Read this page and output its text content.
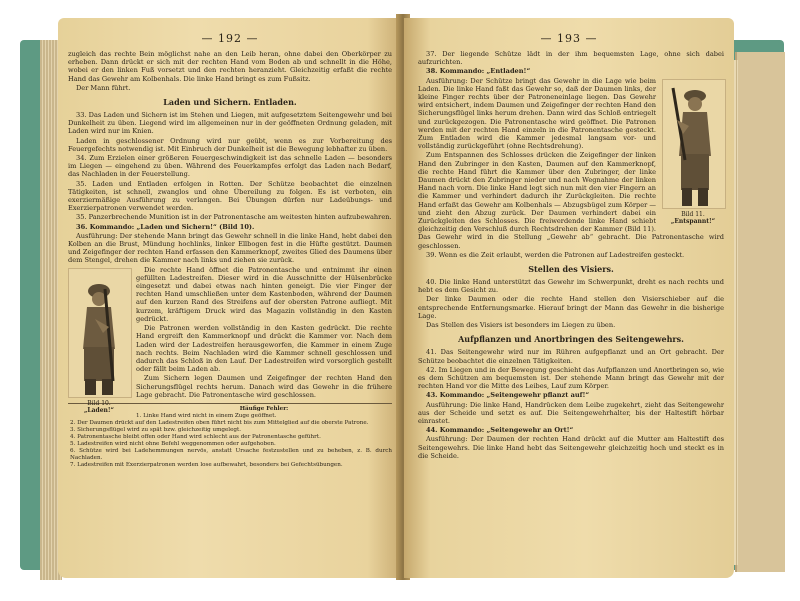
— 192 —

zugleich das rechte Bein möglichst nahe an den Leib heran, ohne dabei den Oberkörper zu erheben. Dann drückt er sich mit der rechten Hand vom Boden ab und schnellt in die Höhe, wobei er den linken Fuß vorsetzt und den rechten heranzieht. Gleichzeitig erfaßt die rechte Hand das Gewehr am Kolbenhals. Die linke Hand bringt es zum Fußsitz.

Der Mann führt.

Laden und Sichern. Entladen.

33. Das Laden und Sichern ist im Stehen und Liegen, mit aufgesetztem Seitengewehr und bei Dunkelheit zu üben. Liegend wird im allgemeinen nur in der geöffneten Ordnung geladen, mit Laden wird nur im Knien.

Laden in geschlossener Ordnung wird nur geübt, wenn es zur Vorbereitung des Feuergefechts notwendig ist. Mit Einbruch der Dunkelheit ist die Bewegung lebhafter zu üben.

34. Zum Erzielen einer größeren Feuergeschwindigkeit ist das schnelle Laden — besonders im Liegen — eingehend zu üben. Während des Feuerkampfes erfolgt das Laden nach Bedarf, das Nachladen in der Feuerstellung.

35. Laden und Entladen erfolgen in Rotten. Der Schütze beobachtet die einzelnen Tätigkeiten, ist schnell, zwanglos und ohne Übereilung zu folgen. Es ist verboten, ein exerziermäßige Ausführung zu verlangen. Bei Übungen dürfen nur Ladeübungs- und Exerzierpatronen verwendet werden.

35. Panzerbrechende Munition ist in der Patronentasche am weitesten hinten aufzubewahren.

36. Kommando: „Laden und Sichern!“ (Bild 10).

Ausführung: Der stehende Mann bringt das Gewehr schnell in die linke Hand, hebt dabei den Kolben an die Brust, Mündung hochlinks, linker Ellbogen fest in die Hüfte gestützt. Daumen und Zeigefinger der rechten Hand erfassen den Kammerknopf, zweites Glied des Daumens über dem Stengel, drehen die Kammer nach links und ziehen sie zurück.

Bild 10.
„Laden!“

Die rechte Hand öffnet die Patronentasche und entnimmt ihr einen gefüllten Ladestreifen. Dieser wird in die Ausschnitte der Hülsenbrücke eingesetzt und dabei etwas nach hinten geneigt. Die vier Finger der rechten Hand umschließen unter dem Kastenboden, während der Daumen auf den kurzen Rand des Streifens auf der obersten Patrone aufliegt. Mit kurzem, kräftigem Druck wird das Magazin vollständig in den Kasten gedrückt.

Die Patronen werden vollständig in den Kasten gedrückt. Die rechte Hand ergreift den Kammerknopf und drückt die Kammer vor. Nach dem Laden wird der Ladestreifen herausgeworfen, die Kammer in einem Zuge nach rechts. Beim Nachladen wird die Kammer schnell geschlossen und dadurch das Schloß in den Lauf. Der Ladestreifen wird vorsorglich gestellt oder fällt beim Laden ab.

Zum Sichern legen Daumen und Zeigefinger der rechten Hand den Sicherungsflügel rechts herum. Danach wird das Gewehr in die frühere Lage gebracht. Die Patronentasche wird geschlossen.

Häufige Fehler:
1. Linke Hand wird nicht in einem Zuge geöffnet.
2. Der Daumen drückt auf den Ladestreifen oben führt nicht bis zum Mittelglied auf die oberste Patrone.
3. Sicherungsflügel wird zu spät bzw. gleichzeitig umgelegt.
4. Patronentasche bleibt offen oder Hand wird schlecht aus der Patronentasche geführt.
5. Ladestreifen wird nicht ohne Befehl weggenommen oder aufgehoben.
6. Schütze wird bei Ladehemmungen nervös, anstatt Ursache festzustellen und zu beheben, z. B. durch Nachladen.
7. Ladestreifen mit Exerzierpatronen werden lose aufbewahrt, besonders bei Gefechtsübungen.
— 193 —

37. Der liegende Schütze lädt in der ihm bequemsten Lage, ohne sich dabei aufzurichten.

38. Kommando: „Entladen!“

Bild 11.
„Entspannt!“

Ausführung: Der Schütze bringt das Gewehr in die Lage wie beim Laden. Die linke Hand faßt das Gewehr so, daß der Daumen links, der kleine Finger rechts über der Patroneneinlage liegen. Das Gewehr wird entsichert, indem Daumen und Zeigefinger der rechten Hand den Sicherungsflügel links herum drehen. Dann wird das Schloß entriegelt und zurückgezogen. Die Patronentasche wird geöffnet. Die Patronen werden mit der rechten Hand einzeln in die Patronentasche gesteckt. Zum Entladen wird die Kammer jedesmal langsam vor- und vollständig zurückgeführt (ohne Rechtsdrehung).

Zum Entspannen des Schlosses drücken die Zeigefinger der linken Hand den Zubringer in den Kasten, Daumen auf den Kammerknopf, die rechte Hand führt die Kammer über den Zubringer, der linke Daumen drückt den Zubringer nieder und nach Wegnahme der linken Hand nach vorn. Die linke Hand legt sich nun mit den vier Fingern an die Kammer und verhindert dadurch ihr Zurückgleiten. Die rechte Hand erfaßt das Gewehr am Kolbenhals — Abzugsbügel zum Körper — und zieht den Abzug zurück. Der Daumen verhindert dabei ein Zurückgleiten des Schlosses. Die freiwerdende linke Hand schiebt gleichzeitig den Verschluß durch Rechtsdrehen der Kammer (Bild 11). Das Gewehr wird in die Stellung „Gewehr ab“ gebracht. Die Patronentasche wird geschlossen.

39. Wenn es die Zeit erlaubt, werden die Patronen auf Ladestreifen gesteckt.

Stellen des Visiers.

40. Die linke Hand unterstützt das Gewehr im Schwerpunkt, dreht es nach rechts und hebt es dem Gesicht zu.

Der linke Daumen oder die rechte Hand stellen den Visierschieber auf die entsprechende Entfernungsmarke. Hierauf bringt der Mann das Gewehr in die bisherige Lage.

Das Stellen des Visiers ist besonders im Liegen zu üben.

Aufpflanzen und Anortbringen des Seitengewehrs.

41. Das Seitengewehr wird nur im Rühren aufgepflanzt und an Ort gebracht. Der Schütze beobachtet die einzelnen Tätigkeiten.

42. Im Liegen und in der Bewegung geschieht das Aufpflanzen und Anortbringen so, wie es dem Schützen am bequemsten ist. Der stehende Mann bringt das Gewehr mit der rechten Hand vor die Mitte des Leibes, Lauf zum Körper.

43. Kommando: „Seitengewehr pflanzt auf!“

Ausführung: Die linke Hand, Handrücken dem Leibe zugekehrt, zieht das Seitengewehr aus der Scheide und setzt es auf. Die Seitengewehrhalter, bis der Haltestift hörbar einrastet.

44. Kommando: „Seitengewehr an Ort!“

Ausführung: Der Daumen der rechten Hand drückt auf die Mutter am Haltestift des Seitengewehrs. Die linke Hand hebt das Seitengewehr gleichzeitig hoch und steckt es in die Scheide.
